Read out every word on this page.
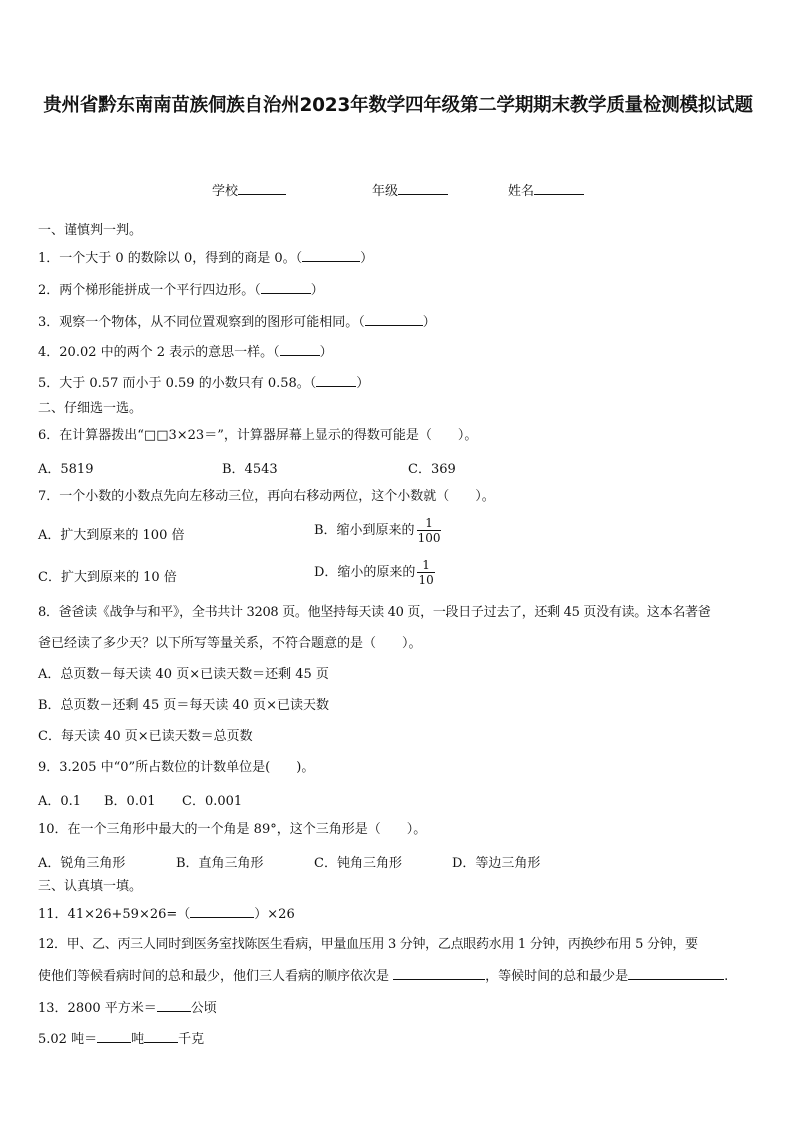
贵州省黔东南南苗族侗族自治州2023年数学四年级第二学期期末教学质量检测模拟试题
学校	年级	姓名
一、谨慎判一判。
1．一个大于 0 的数除以 0，得到的商是 0。（	）
2．两个梯形能拼成一个平行四边形。（	）
3．观察一个物体，从不同位置观察到的图形可能相同。（	）
4．20.02 中的两个 2 表示的意思一样。（	）
5．大于 0.57 而小于 0.59 的小数只有 0.58。（	）
二、仔细选一选。
6．在计算器拨出“□□3×23＝”，计算器屏幕上显示的得数可能是（　　）。
A．5819	B．4543	C．369
7．一个小数的小数点先向左移动三位，再向右移动两位，这个小数就（　　）。
A．扩大到原来的 100 倍	B．缩小到原来的 $\frac{1}{100}$
C．扩大到原来的 10 倍	D．缩小的原来的 $\frac{1}{10}$
8．爸爸读《战争与和平》，全书共计 3208 页。他坚持每天读 40 页，一段日子过去了，还剩 45 页没有读。这本名著爸
爸已经读了多少天？以下所写等量关系，不符合题意的是（　　）。
A．总页数－每天读 40 页×已读天数＝还剩 45 页
B．总页数－还剩 45 页＝每天读 40 页×已读天数
C．每天读 40 页×已读天数＝总页数
9．3.205 中“0”所占数位的计数单位是(　　)。
A．0.1 B．0.01 C．0.001
10．在一个三角形中最大的一个角是 89°，这个三角形是（　　）。
A．锐角三角形	B．直角三角形	C．钝角三角形	D．等边三角形
三、认真填一填。
11．41×26+59×26=（	）×26
12．甲、乙、丙三人同时到医务室找陈医生看病，甲量血压用 3 分钟，乙点眼药水用 1 分钟，丙换纱布用 5 分钟，要
使他们等候看病时间的总和最少，他们三人看病的顺序依次是	，等候时间的总和最少是	.
13．2800 平方米＝	公顷
5.02 吨＝	吨	千克
